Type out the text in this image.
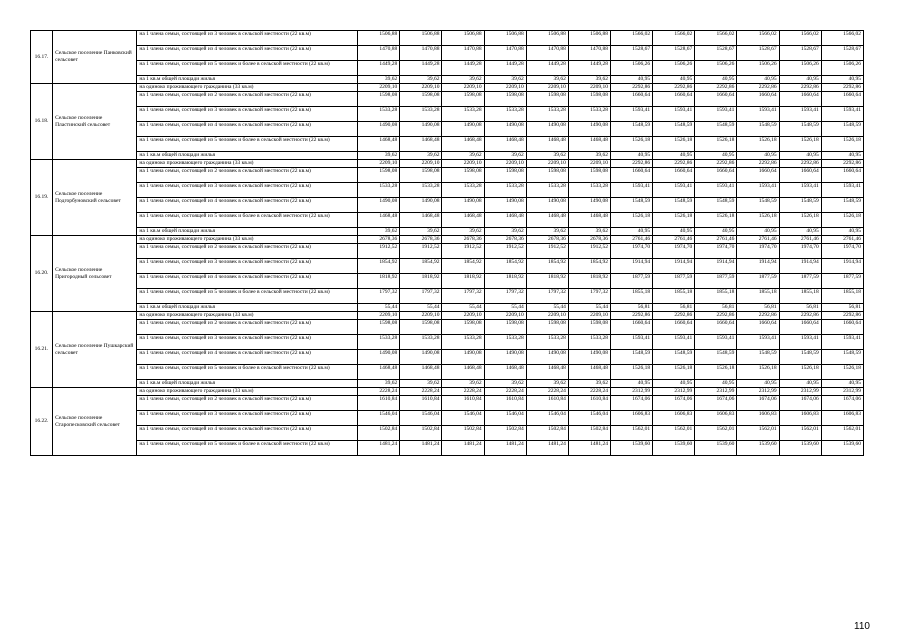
16.17.	Сельское поселение Панковский сельсовет	на 1 члена семьи, состоящей из 3 человек в сельской местности (22 кв.м)	1506,88	1506,88	1506,88	1506,88	1506,88	1506,88	1566,02	1566,02	1566,02	1566,02	1566,02	1566,02
		на 1 члена семьи, состоящей из 4 человек в сельской местности (22 кв.м)	1470,88	1470,88	1470,88	1470,88	1470,88	1470,88	1528,67	1528,67	1528,67	1528,67	1528,67	1528,67
		на 1 члена семьи, состоящей из 5 человек и более в сельской местности (22 кв.м)	1449,28	1449,28	1449,28	1449,28	1449,28	1449,28	1506,26	1506,26	1506,26	1506,26	1506,26	1506,26
		на 1 кв.м общей площади жилья	39,62	39,62	39,62	39,62	39,62	39,62	40,95	40,95	40,95	40,95	40,95	40,95
16.18.	Сельское поселение Пластинский сельсовет	на одиноко проживающего гражданина (33 кв.м)	2209,10	2209,10	2209,10	2209,10	2209,10	2209,10	2292,86	2292,86	2292,86	2292,86	2292,86	2292,86
		на 1 члена семьи, состоящей из 2 человек в сельской местности (22 кв.м)	1598,08	1598,08	1598,08	1598,08	1598,08	1598,08	1660,64	1660,64	1660,64	1660,64	1660,64	1660,64
		на 1 члена семьи, состоящей из 3 человек в сельской местности (22 кв.м)	1533,28	1533,28	1533,28	1533,28	1533,28	1533,28	1593,41	1593,41	1593,41	1593,41	1593,41	1593,41
		на 1 члена семьи, состоящей из 4 человек в сельской местности (22 кв.м)	1490,08	1490,08	1490,08	1490,08	1490,08	1490,08	1548,59	1548,59	1548,59	1548,59	1548,59	1548,59
		на 1 члена семьи, состоящей из 5 человек и более в сельской местности (22 кв.м)	1468,48	1468,48	1468,48	1468,48	1468,48	1468,48	1526,18	1526,18	1526,18	1526,18	1526,18	1526,18
		на 1 кв.м общей площади жилья	39,62	39,62	39,62	39,62	39,62	39,62	40,95	40,95	40,95	40,95	40,95	40,95
16.19.	Сельское поселение Подгорбуновский сельсовет	на одиноко проживающего гражданина (33 кв.м)	2209,10	2209,10	2209,10	2209,10	2209,10	2209,10	2292,86	2292,86	2292,86	2292,86	2292,86	2292,86
		на 1 члена семьи, состоящей из 2 человек в сельской местности (22 кв.м)	1598,08	1598,08	1598,08	1598,08	1598,08	1598,08	1660,64	1660,64	1660,64	1660,64	1660,64	1660,64
		на 1 члена семьи, состоящей из 3 человек в сельской местности (22 кв.м)	1533,28	1533,28	1533,28	1533,28	1533,28	1533,28	1593,41	1593,41	1593,41	1593,41	1593,41	1593,41
		на 1 члена семьи, состоящей из 4 человек в сельской местности (22 кв.м)	1490,08	1490,08	1490,08	1490,08	1490,08	1490,08	1548,59	1548,59	1548,59	1548,59	1548,59	1548,59
		на 1 члена семьи, состоящей из 5 человек и более в сельской местности (22 кв.м)	1468,48	1468,48	1468,48	1468,48	1468,48	1468,48	1526,18	1526,18	1526,18	1526,18	1526,18	1526,18
		на 1 кв.м общей площади жилья	39,62	39,62	39,62	39,62	39,62	39,62	40,95	40,95	40,95	40,95	40,95	40,95
16.20.	Сельское поселение Пригородный сельсовет	на одиноко проживающего гражданина (33 кв.м)	2678,36	2678,36	2678,36	2678,36	2678,36	2678,36	2761,46	2761,46	2761,46	2761,46	2761,46	2761,46
		на 1 члена семьи, состоящей из 2 человек в сельской местности (22 кв.м)	1912,52	1912,52	1912,52	1912,52	1912,52	1912,52	1974,70	1974,70	1974,70	1974,70	1974,70	1974,70
		на 1 члена семьи, состоящей из 3 человек в сельской местности (22 кв.м)	1854,92	1854,92	1854,92	1854,92	1854,92	1854,92	1914,94	1914,94	1914,94	1914,94	1914,94	1914,94
		на 1 члена семьи, состоящей из 4 человек в сельской местности (22 кв.м)	1818,92	1818,92	1818,92	1818,92	1818,92	1818,92	1877,59	1877,59	1877,59	1877,59	1877,59	1877,59
		на 1 члена семьи, состоящей из 5 человек и более в сельской местности (22 кв.м)	1797,32	1797,32	1797,32	1797,32	1797,32	1797,32	1855,18	1855,18	1855,18	1855,18	1855,18	1855,18
		на 1 кв.м общей площади жилья	55,44	55,44	55,44	55,44	55,44	55,44	56,81	56,81	56,81	56,81	56,81	56,81
16.21.	Сельское поселение Пушкарский сельсовет	на одиноко проживающего гражданина (33 кв.м)	2209,10	2209,10	2209,10	2209,10	2209,10	2209,10	2292,86	2292,86	2292,86	2292,86	2292,86	2292,86
		на 1 члена семьи, состоящей из 2 человек в сельской местности (22 кв.м)	1598,08	1598,08	1598,08	1598,08	1598,08	1598,08	1660,64	1660,64	1660,64	1660,64	1660,64	1660,64
		на 1 члена семьи, состоящей из 3 человек в сельской местности (22 кв.м)	1533,28	1533,28	1533,28	1533,28	1533,28	1533,28	1593,41	1593,41	1593,41	1593,41	1593,41	1593,41
		на 1 члена семьи, состоящей из 4 человек в сельской местности (22 кв.м)	1490,08	1490,08	1490,08	1490,08	1490,08	1490,08	1548,59	1548,59	1548,59	1548,59	1548,59	1548,59
		на 1 члена семьи, состоящей из 5 человек и более в сельской местности (22 кв.м)	1468,48	1468,48	1468,48	1468,48	1468,48	1468,48	1526,18	1526,18	1526,18	1526,18	1526,18	1526,18
		на 1 кв.м общей площади жилья	39,62	39,62	39,62	39,62	39,62	39,62	40,95	40,95	40,95	40,95	40,95	40,95
16.22.	Сельское поселение Старопесковский сельсовет	на одиноко проживающего гражданина (33 кв.м)	2228,24	2228,24	2228,24	2228,24	2228,24	2228,24	2312,99	2312,99	2312,99	2312,99	2312,99	2312,99
		на 1 члена семьи, состоящей из 2 человек в сельской местности (22 кв.м)	1610,84	1610,84	1610,84	1610,84	1610,84	1610,84	1674,06	1674,06	1674,06	1674,06	1674,06	1674,06
		на 1 члена семьи, состоящей из 3 человек в сельской местности (22 кв.м)	1546,04	1546,04	1546,04	1546,04	1546,04	1546,04	1606,83	1606,83	1606,83	1606,83	1606,83	1606,83
		на 1 члена семьи, состоящей из 4 человек в сельской местности (22 кв.м)	1502,84	1502,84	1502,84	1502,84	1502,84	1502,84	1562,01	1562,01	1562,01	1562,01	1562,01	1562,01
		на 1 члена семьи, состоящей из 5 человек и более в сельской местности (22 кв.м)	1481,24	1481,24	1481,24	1481,24	1481,24	1481,24	1539,60	1539,60	1539,60	1539,60	1539,60	1539,60
110
